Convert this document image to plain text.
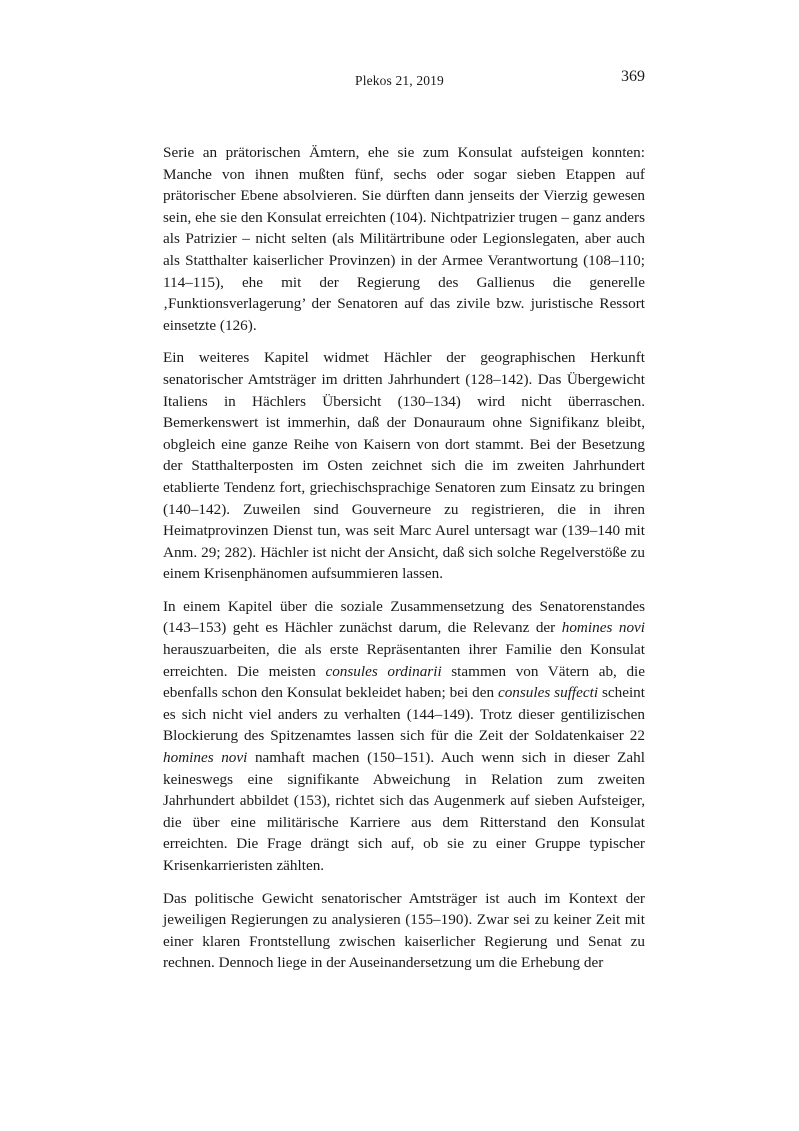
Plekos 21, 2019	369

Serie an prätorischen Ämtern, ehe sie zum Konsulat aufsteigen konnten: Manche von ihnen mußten fünf, sechs oder sogar sieben Etappen auf prätorischer Ebene absolvieren. Sie dürften dann jenseits der Vierzig gewesen sein, ehe sie den Konsulat erreichten (104). Nichtpatrizier trugen – ganz anders als Patrizier – nicht selten (als Militärtribune oder Legionslegaten, aber auch als Statthalter kaiserlicher Provinzen) in der Armee Verantwortung (108–110; 114–115), ehe mit der Regierung des Gallienus die generelle ‚Funktionsverlagerung’ der Senatoren auf das zivile bzw. juristische Ressort einsetzte (126).

Ein weiteres Kapitel widmet Hächler der geographischen Herkunft senatorischer Amtsträger im dritten Jahrhundert (128–142). Das Übergewicht Italiens in Hächlers Übersicht (130–134) wird nicht überraschen. Bemerkenswert ist immerhin, daß der Donauraum ohne Signifikanz bleibt, obgleich eine ganze Reihe von Kaisern von dort stammt. Bei der Besetzung der Statthalterposten im Osten zeichnet sich die im zweiten Jahrhundert etablierte Tendenz fort, griechischsprachige Senatoren zum Einsatz zu bringen (140–142). Zuweilen sind Gouverneure zu registrieren, die in ihren Heimatprovinzen Dienst tun, was seit Marc Aurel untersagt war (139–140 mit Anm. 29; 282). Hächler ist nicht der Ansicht, daß sich solche Regelverstöße zu einem Krisenphänomen aufsummieren lassen.

In einem Kapitel über die soziale Zusammensetzung des Senatorenstandes (143–153) geht es Hächler zunächst darum, die Relevanz der homines novi herauszuarbeiten, die als erste Repräsentanten ihrer Familie den Konsulat erreichten. Die meisten consules ordinarii stammen von Vätern ab, die ebenfalls schon den Konsulat bekleidet haben; bei den consules suffecti scheint es sich nicht viel anders zu verhalten (144–149). Trotz dieser gentilizischen Blockierung des Spitzenamtes lassen sich für die Zeit der Soldatenkaiser 22 homines novi namhaft machen (150–151). Auch wenn sich in dieser Zahl keineswegs eine signifikante Abweichung in Relation zum zweiten Jahrhundert abbildet (153), richtet sich das Augenmerk auf sieben Aufsteiger, die über eine militärische Karriere aus dem Ritterstand den Konsulat erreichten. Die Frage drängt sich auf, ob sie zu einer Gruppe typischer Krisenkarrieristen zählten.

Das politische Gewicht senatorischer Amtsträger ist auch im Kontext der jeweiligen Regierungen zu analysieren (155–190). Zwar sei zu keiner Zeit mit einer klaren Frontstellung zwischen kaiserlicher Regierung und Senat zu rechnen. Dennoch liege in der Auseinandersetzung um die Erhebung der
